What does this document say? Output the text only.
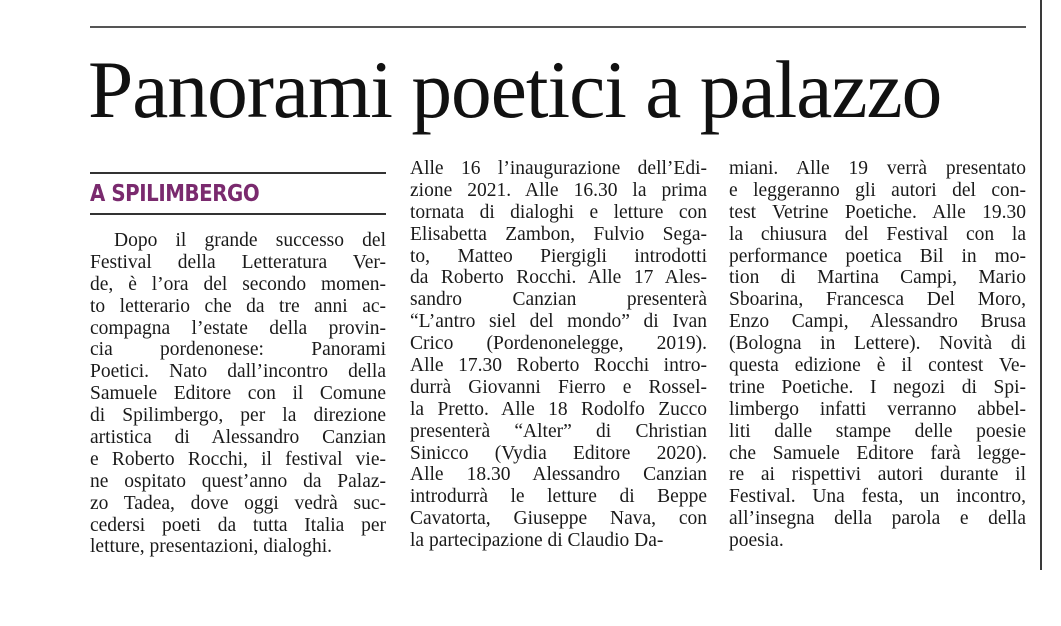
Panorami poetici a palazzo
A SPILIMBERGO
Dopo il grande successo del
Festival della Letteratura Ver-
de, è l’ora del secondo momen-
to letterario che da tre anni ac-
compagna l’estate della provin-
cia pordenonese: Panorami
Poetici. Nato dall’incontro della
Samuele Editore con il Comune
di Spilimbergo, per la direzione
artistica di Alessandro Canzian
e Roberto Rocchi, il festival vie-
ne ospitato quest’anno da Palaz-
zo Tadea, dove oggi vedrà suc-
cedersi poeti da tutta Italia per
letture, presentazioni, dialoghi.
Alle 16 l’inaugurazione dell’Edi-
zione 2021. Alle 16.30 la prima
tornata di dialoghi e letture con
Elisabetta Zambon, Fulvio Sega-
to, Matteo Piergigli introdotti
da Roberto Rocchi. Alle 17 Ales-
sandro Canzian presenterà
“L’antro siel del mondo” di Ivan
Crico (Pordenonelegge, 2019).
Alle 17.30 Roberto Rocchi intro-
durrà Giovanni Fierro e Rossel-
la Pretto. Alle 18 Rodolfo Zucco
presenterà “Alter” di Christian
Sinicco (Vydia Editore 2020).
Alle 18.30 Alessandro Canzian
introdurrà le letture di Beppe
Cavatorta, Giuseppe Nava, con
la partecipazione di Claudio Da-
miani. Alle 19 verrà presentato
e leggeranno gli autori del con-
test Vetrine Poetiche. Alle 19.30
la chiusura del Festival con la
performance poetica Bil in mo-
tion di Martina Campi, Mario
Sboarina, Francesca Del Moro,
Enzo Campi, Alessandro Brusa
(Bologna in Lettere). Novità di
questa edizione è il contest Ve-
trine Poetiche. I negozi di Spi-
limbergo infatti verranno abbel-
liti dalle stampe delle poesie
che Samuele Editore farà legge-
re ai rispettivi autori durante il
Festival. Una festa, un incontro,
all’insegna della parola e della
poesia.
